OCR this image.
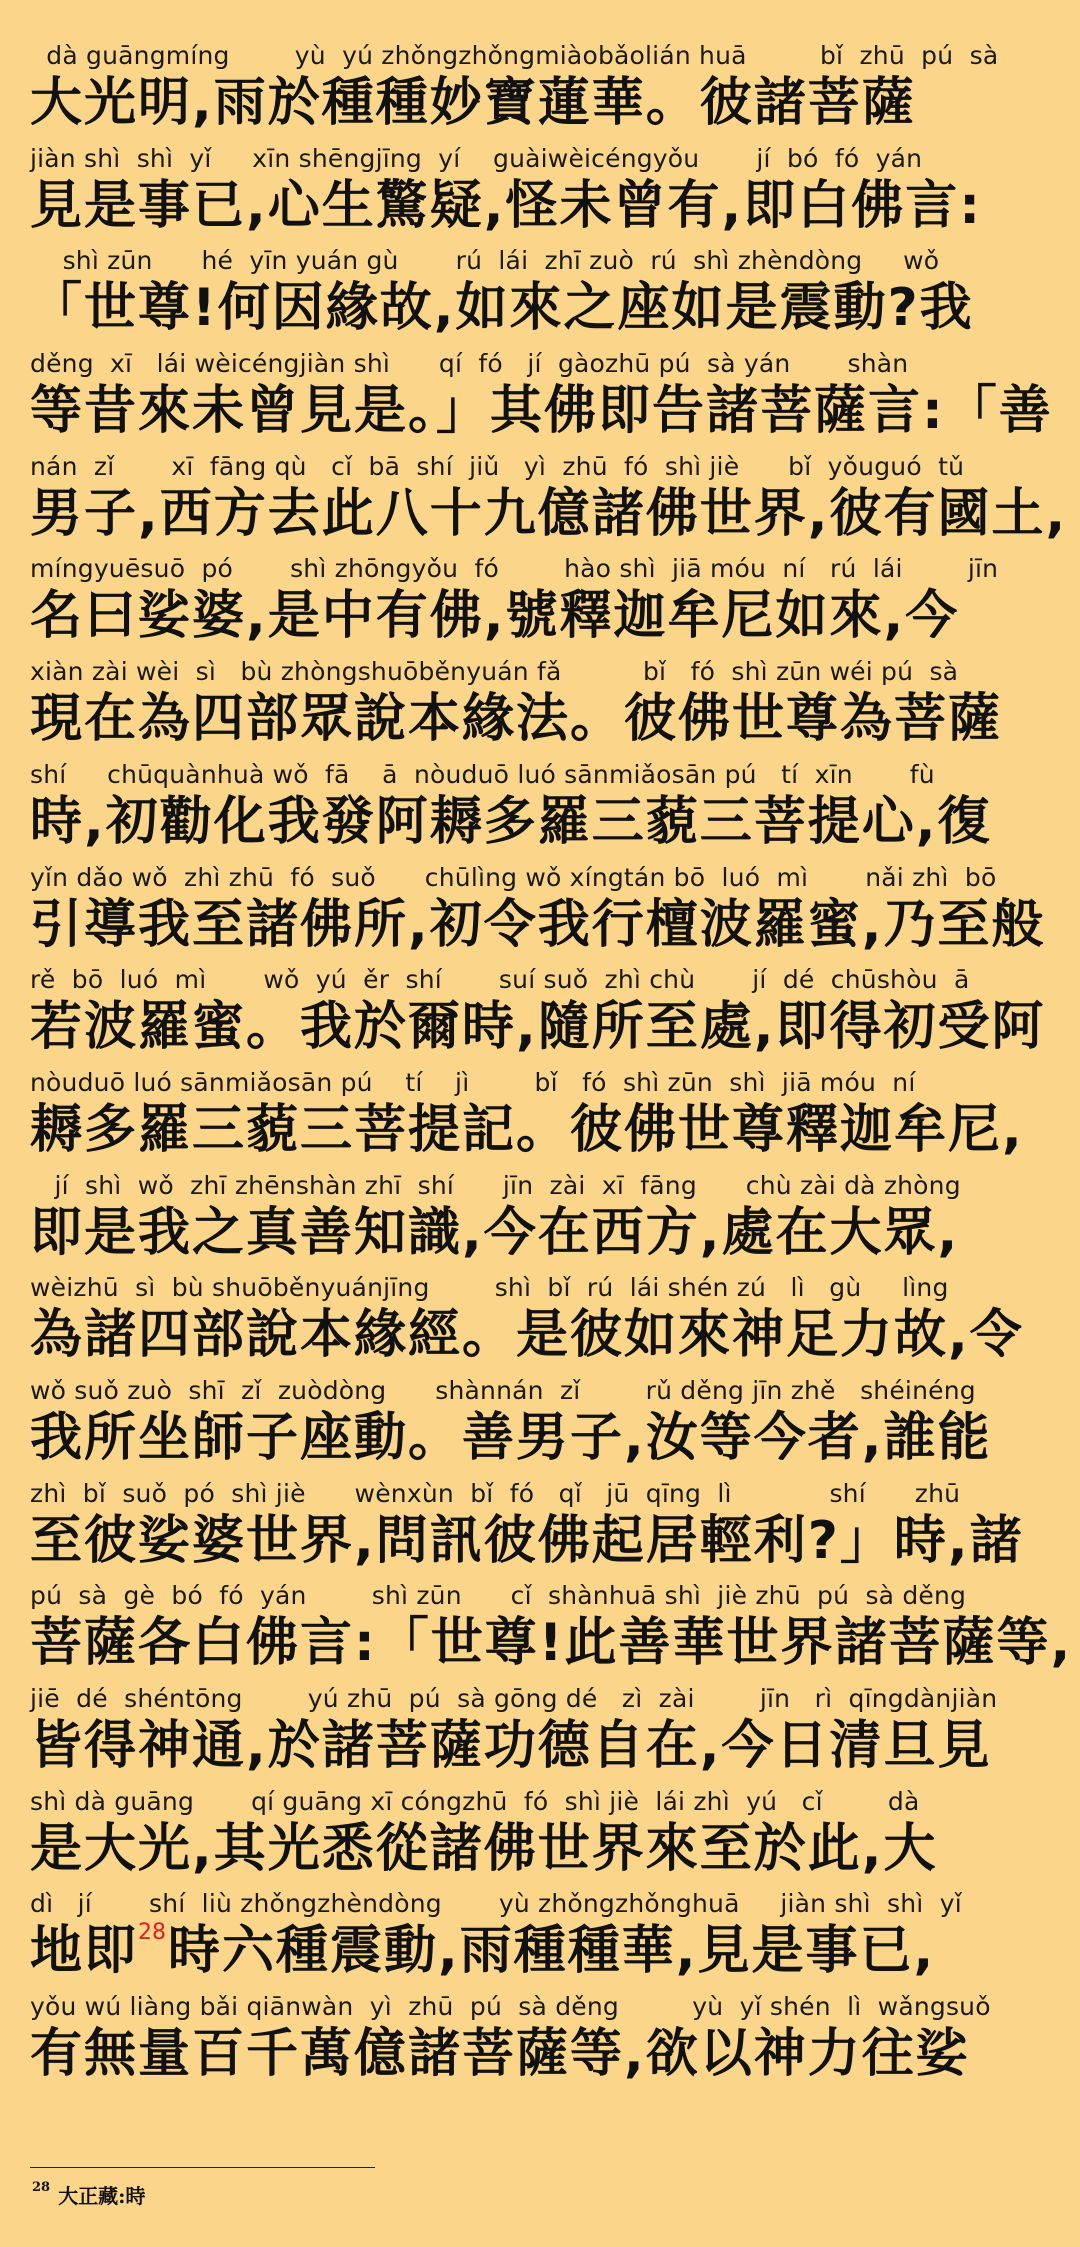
dà guāngmíng        yù  yú zhǒngzhǒngmiàobǎolián huā         bǐ  zhū  pú  sà
大光明,雨於種種妙寶蓮華。彼諸菩薩
jiàn shì  shì  yǐ     xīn shēngjīng  yí    guàiwèicéngyǒu       jí  bó  fó  yán
見是事已,心生驚疑,怪未曾有,即白佛言:
shì zūn      hé  yīn yuán gù       rú  lái  zhī zuò  rú  shì zhèndòng     wǒ
「世尊!何因緣故,如來之座如是震動?我
děng  xī   lái wèicéngjiàn shì      qí  fó   jí  gàozhū pú  sà yán       shàn
等昔來未曾見是。」其佛即告諸菩薩言:「善
nán  zǐ       xī  fāng qù   cǐ  bā  shí  jiǔ   yì  zhū  fó  shì jiè      bǐ  yǒuguó  tǔ
男子,西方去此八十九億諸佛世界,彼有國土,
míngyuēsuō  pó       shì zhōngyǒu  fó        hào shì  jiā móu  ní   rú  lái        jīn
名曰娑婆,是中有佛,號釋迦牟尼如來,今
xiàn zài wèi  sì   bù zhòngshuōběnyuán fǎ          bǐ   fó  shì zūn wéi pú  sà
現在為四部眾說本緣法。彼佛世尊為菩薩
shí     chūquànhuà wǒ  fā    ā  nòuduō luó sānmiǎosān pú   tí  xīn       fù
時,初勸化我發阿耨多羅三藐三菩提心,復
yǐn dǎo wǒ  zhì zhū  fó  suǒ      chūlìng wǒ xíngtán bō  luó  mì       nǎi zhì  bō
引導我至諸佛所,初令我行檀波羅蜜,乃至般
rě  bō  luó  mì       wǒ  yú  ěr  shí       suí suǒ  zhì chù       jí  dé  chūshòu  ā
若波羅蜜。我於爾時,隨所至處,即得初受阿
nòuduō luó sānmiǎosān pú    tí    jì        bǐ   fó  shì zūn  shì  jiā móu  ní
耨多羅三藐三菩提記。彼佛世尊釋迦牟尼,
jí  shì  wǒ  zhī zhēnshàn zhī  shí      jīn  zài  xī  fāng      chù zài dà zhòng
即是我之真善知識,今在西方,處在大眾,
wèizhū  sì  bù shuōběnyuánjīng        shì  bǐ  rú  lái shén zú   lì   gù     lìng
為諸四部說本緣經。是彼如來神足力故,令
wǒ suǒ zuò  shī  zǐ  zuòdòng      shànnán  zǐ        rǔ děng jīn zhě   shéinéng
我所坐師子座動。善男子,汝等今者,誰能
zhì  bǐ  suǒ  pó  shì jiè      wènxùn  bǐ  fó   qǐ   jū  qīng  lì            shí      zhū
至彼娑婆世界,問訊彼佛起居輕利?」時,諸
pú  sà  gè  bó  fó  yán        shì zūn      cǐ  shànhuā shì  jiè zhū  pú  sà děng
菩薩各白佛言:「世尊!此善華世界諸菩薩等,
jiē  dé  shéntōng        yú zhū  pú  sà gōng dé   zì  zài        jīn   rì  qīngdànjiàn
皆得神通,於諸菩薩功德自在,今日清旦見
shì dà guāng       qí guāng xī cóngzhū  fó  shì jiè  lái zhì  yú   cǐ        dà
是大光,其光悉從諸佛世界來至於此,大
dì   jí       shí  liù zhǒngzhèndòng       yù zhǒngzhǒnghuā     jiàn shì  shì  yǐ
地即28時六種震動,雨種種華,見是事已,
yǒu wú liàng bǎi qiānwàn  yì  zhū  pú  sà děng         yù  yǐ shén  lì  wǎngsuǒ
有無量百千萬億諸菩薩等,欲以神力往娑
$^{28}$ 大正藏:時
